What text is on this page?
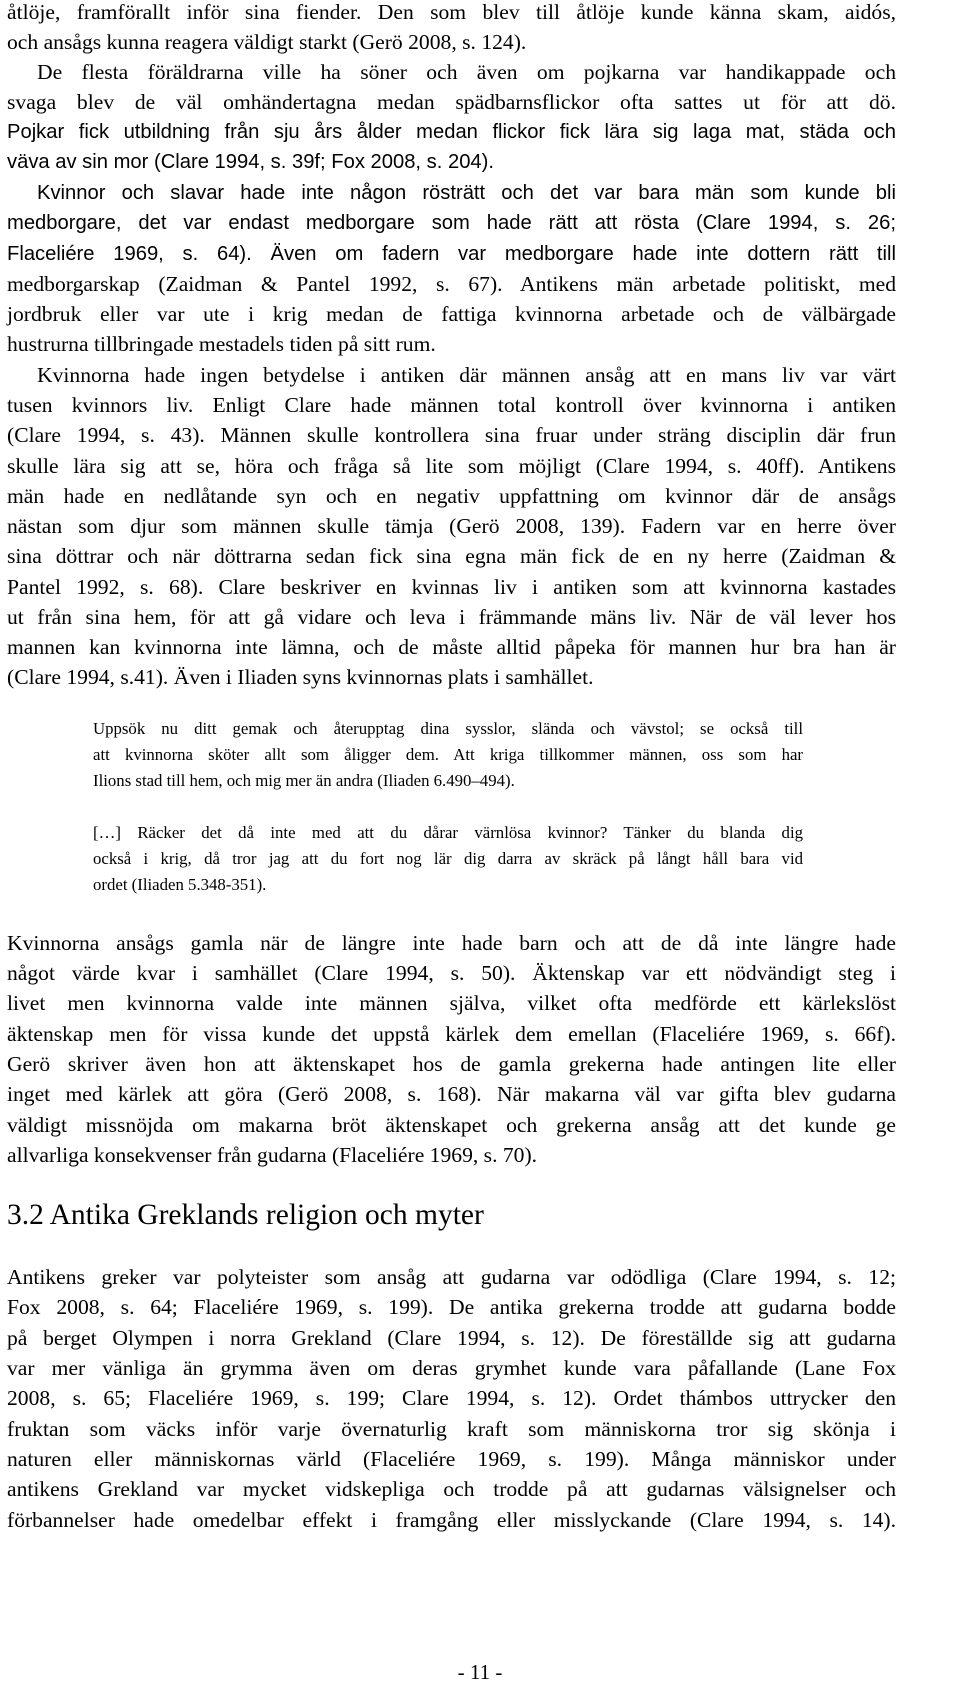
åtlöje, framförallt inför sina fiender. Den som blev till åtlöje kunde känna skam, aidós,
och ansågs kunna reagera väldigt starkt (Gerö 2008, s. 124).
De flesta föräldrarna ville ha söner och även om pojkarna var handikappade och
svaga blev de väl omhändertagna medan spädbarnsflickor ofta sattes ut för att dö.
Pojkar fick utbildning från sju års ålder medan flickor fick lära sig laga mat, städa och
väva av sin mor (Clare 1994, s. 39f; Fox 2008, s. 204).
Kvinnor och slavar hade inte någon rösträtt och det var bara män som kunde bli
medborgare, det var endast medborgare som hade rätt att rösta (Clare 1994, s. 26;
Flaceliére 1969, s. 64). Även om fadern var medborgare hade inte dottern rätt till
medborgarskap (Zaidman & Pantel 1992, s. 67). Antikens män arbetade politiskt, med
jordbruk eller var ute i krig medan de fattiga kvinnorna arbetade och de välbärgade
hustrurna tillbringade mestadels tiden på sitt rum.
Kvinnorna hade ingen betydelse i antiken där männen ansåg att en mans liv var värt
tusen kvinnors liv. Enligt Clare hade männen total kontroll över kvinnorna i antiken
(Clare 1994, s. 43). Männen skulle kontrollera sina fruar under sträng disciplin där frun
skulle lära sig att se, höra och fråga så lite som möjligt (Clare 1994, s. 40ff). Antikens
män hade en nedlåtande syn och en negativ uppfattning om kvinnor där de ansågs
nästan som djur som männen skulle tämja (Gerö 2008, 139). Fadern var en herre över
sina döttrar och när döttrarna sedan fick sina egna män fick de en ny herre (Zaidman &
Pantel 1992, s. 68). Clare beskriver en kvinnas liv i antiken som att kvinnorna kastades
ut från sina hem, för att gå vidare och leva i främmande mäns liv. När de väl lever hos
mannen kan kvinnorna inte lämna, och de måste alltid påpeka för mannen hur bra han är
(Clare 1994, s.41). Även i Iliaden syns kvinnornas plats i samhället.
Uppsök nu ditt gemak och återupptag dina sysslor, slända och vävstol; se också till
att kvinnorna sköter allt som åligger dem. Att kriga tillkommer männen, oss som har
Ilions stad till hem, och mig mer än andra (Iliaden 6.490–494).
[…] Räcker det då inte med att du dårar värnlösa kvinnor? Tänker du blanda dig
också i krig, då tror jag att du fort nog lär dig darra av skräck på långt håll bara vid
ordet (Iliaden 5.348-351).
Kvinnorna ansågs gamla när de längre inte hade barn och att de då inte längre hade
något värde kvar i samhället (Clare 1994, s. 50). Äktenskap var ett nödvändigt steg i
livet men kvinnorna valde inte männen själva, vilket ofta medförde ett kärlekslöst
äktenskap men för vissa kunde det uppstå kärlek dem emellan (Flaceliére 1969, s. 66f).
Gerö skriver även hon att äktenskapet hos de gamla grekerna hade antingen lite eller
inget med kärlek att göra (Gerö 2008, s. 168). När makarna väl var gifta blev gudarna
väldigt missnöjda om makarna bröt äktenskapet och grekerna ansåg att det kunde ge
allvarliga konsekvenser från gudarna (Flaceliére 1969, s. 70).
3.2 Antika Greklands religion och myter
Antikens greker var polyteister som ansåg att gudarna var odödliga (Clare 1994, s. 12;
Fox 2008, s. 64; Flaceliére 1969, s. 199). De antika grekerna trodde att gudarna bodde
på berget Olympen i norra Grekland (Clare 1994, s. 12). De föreställde sig att gudarna
var mer vänliga än grymma även om deras grymhet kunde vara påfallande (Lane Fox
2008, s. 65; Flaceliére 1969, s. 199; Clare 1994, s. 12). Ordet thámbos uttrycker den
fruktan som väcks inför varje övernaturlig kraft som människorna tror sig skönja i
naturen eller människornas värld (Flaceliére 1969, s. 199). Många människor under
antikens Grekland var mycket vidskepliga och trodde på att gudarnas välsignelser och
förbannelser hade omedelbar effekt i framgång eller misslyckande (Clare 1994, s. 14).
- 11 -
